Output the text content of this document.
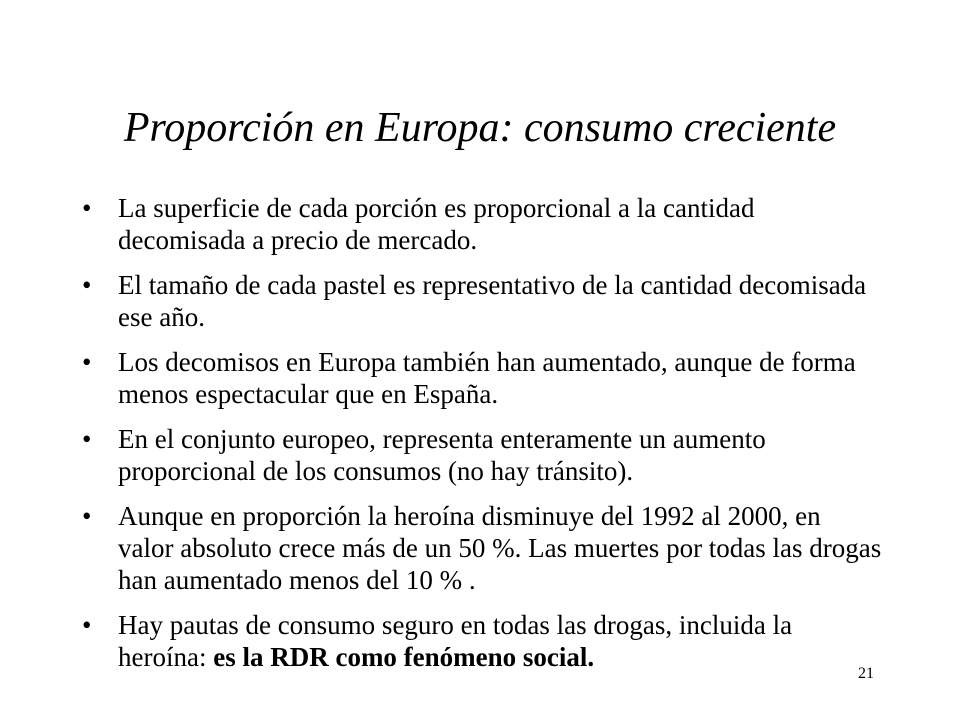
Proporción en Europa: consumo creciente
• La superficie de cada porción es proporcional a la cantidad decomisada a precio de mercado.
• El tamaño de cada pastel es representativo de la cantidad decomisada ese año.
• Los decomisos en Europa también han aumentado, aunque de forma menos espectacular que en España.
• En el conjunto europeo, representa enteramente un aumento proporcional de los consumos (no hay tránsito).
• Aunque en proporción la heroína disminuye del 1992 al 2000, en valor absoluto crece más de un 50 %. Las muertes por todas las drogas han aumentado menos del 10 % .
• Hay pautas de consumo seguro en todas las drogas, incluida la heroína: es la RDR como fenómeno social.
21
